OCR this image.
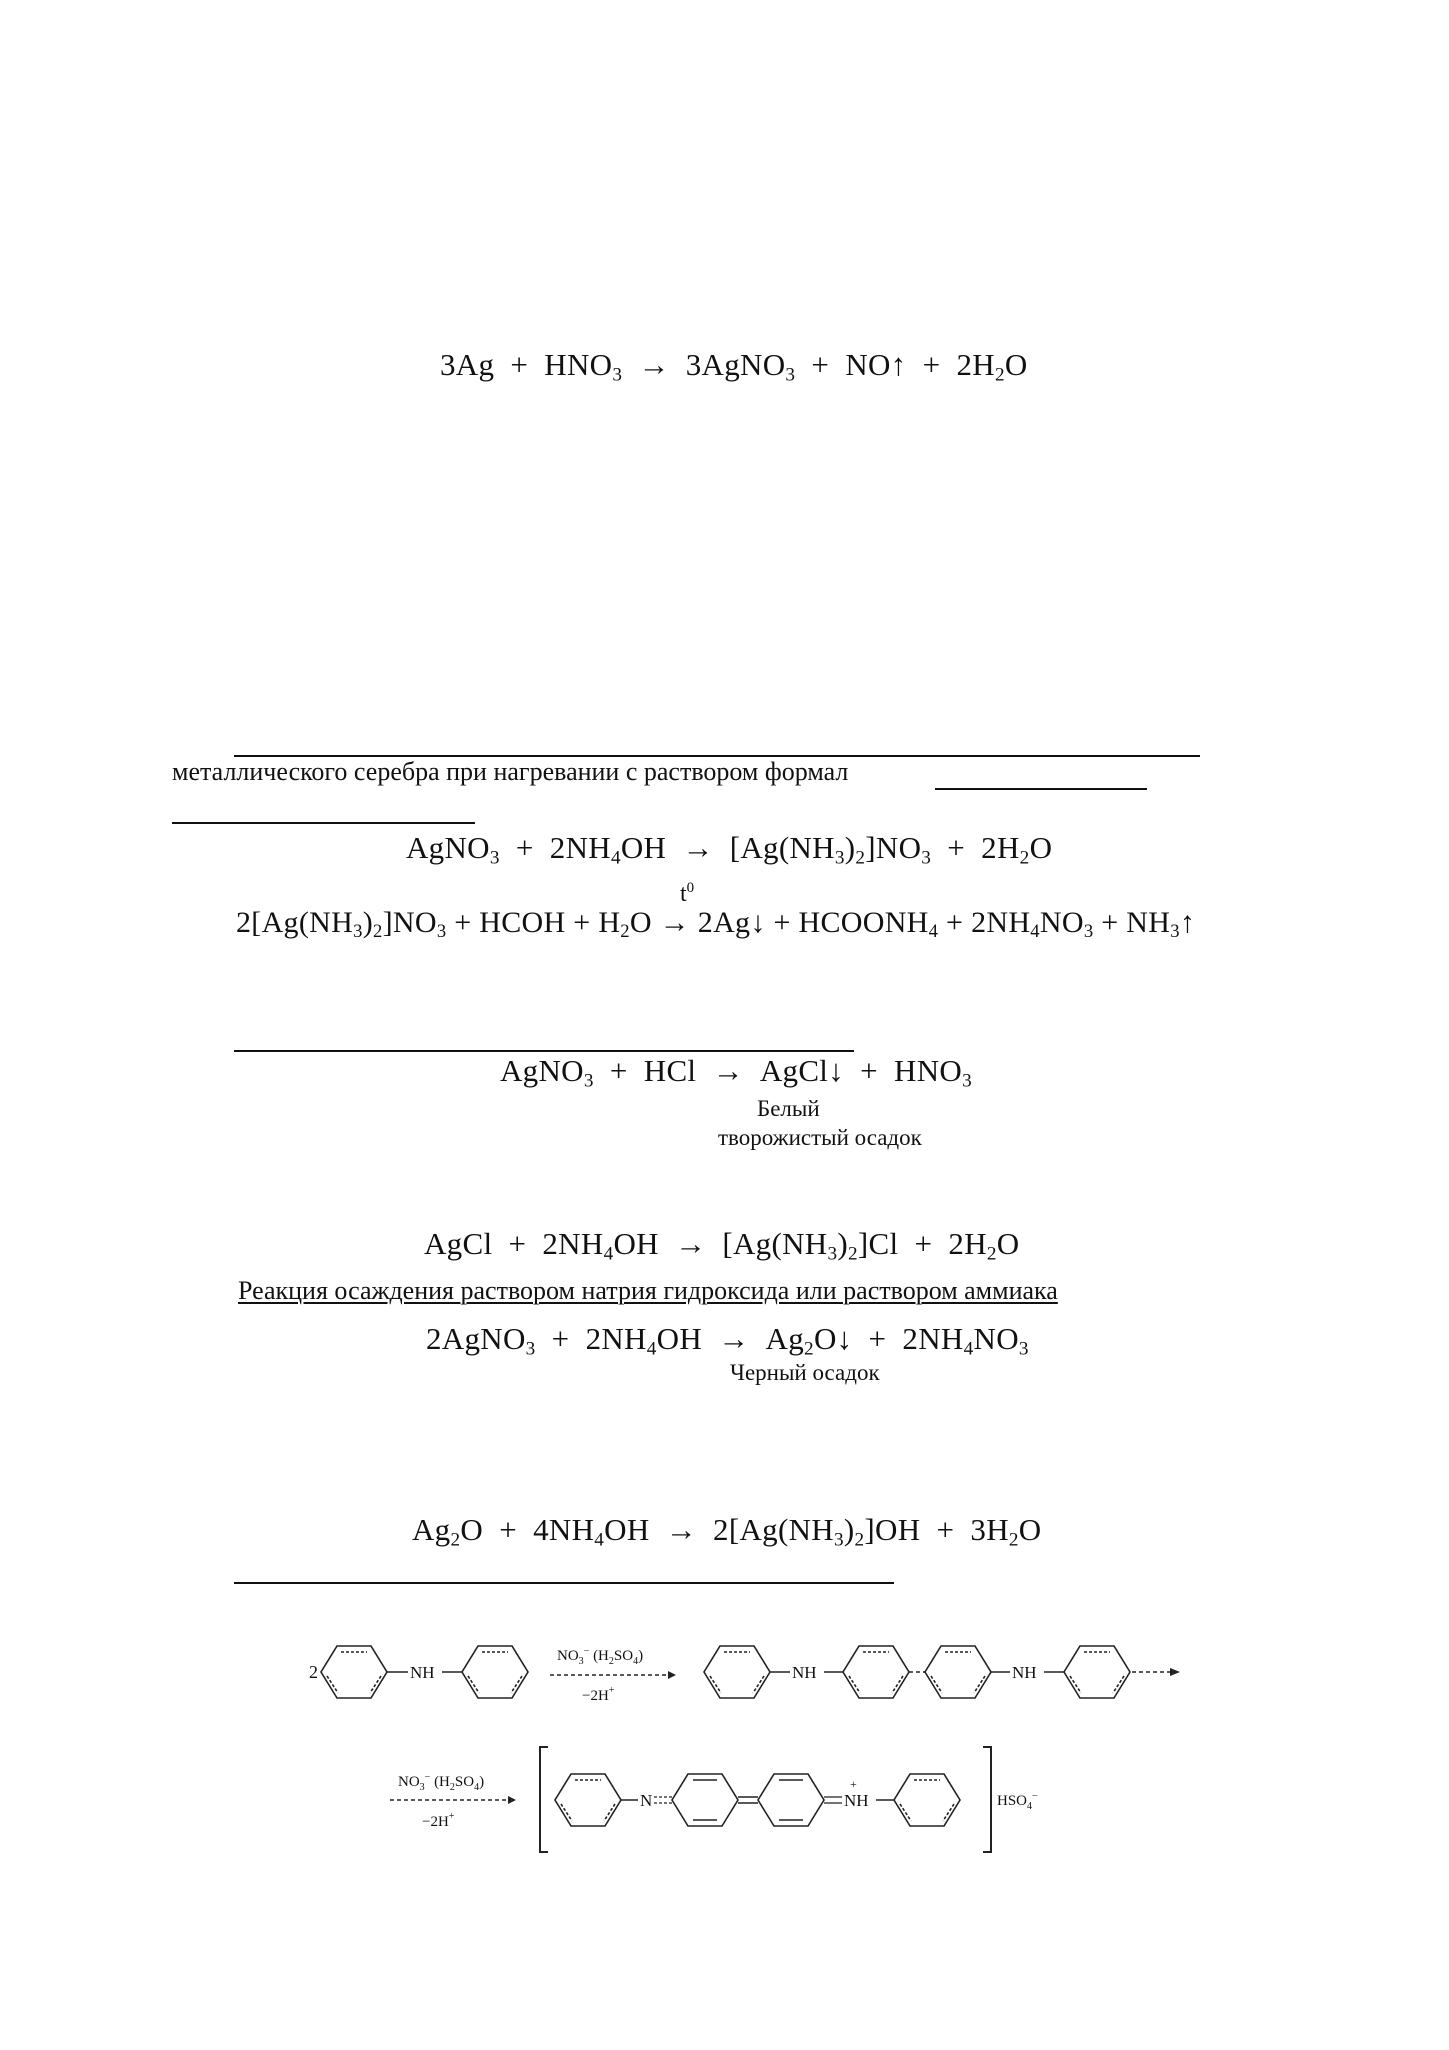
$3Ag + HNO_3$  →  3AgNO$_3$  +  NO↑  +  $2H_2O$
металлического серебра при нагревании с раствором формал
AgNO$_3$  +  $2NH_4OH \to [Ag(NH_3)_2]NO_3 + 2H_2O$
$t^0$
$2[Ag(NH_3)_2]NO_3$ + HCOH + $H_2O$ → 2Ag↓ + $HCOONH_4 + 2NH_4NO_3$ + $NH_3↑$
AgNO$_3$  +  HCl  →  AgCl↓  +  $HNO_3$
Белый
творожистый осадок
AgCl  +  $2NH_4OH \to [Ag(NH_3)_2]Cl + 2H_2O$
Реакция осаждения раствором натрия гидроксида или раствором аммиака
2AgNO$_3$  +  $2NH_4OH$  →  $Ag_2O↓ + 2NH_4NO_3$
Черный осадок
$Ag_2O + 4NH_4OH \to 2[Ag(NH_3)_2]OH + 3H_2O$
2	NH
$NO_3^-$ $(H_2SO_4)$
−2H+
NH	NH
$NO_3^-$ $(H_2SO_4)$
−2H+
N
+
NH	$HSO_4^-$
